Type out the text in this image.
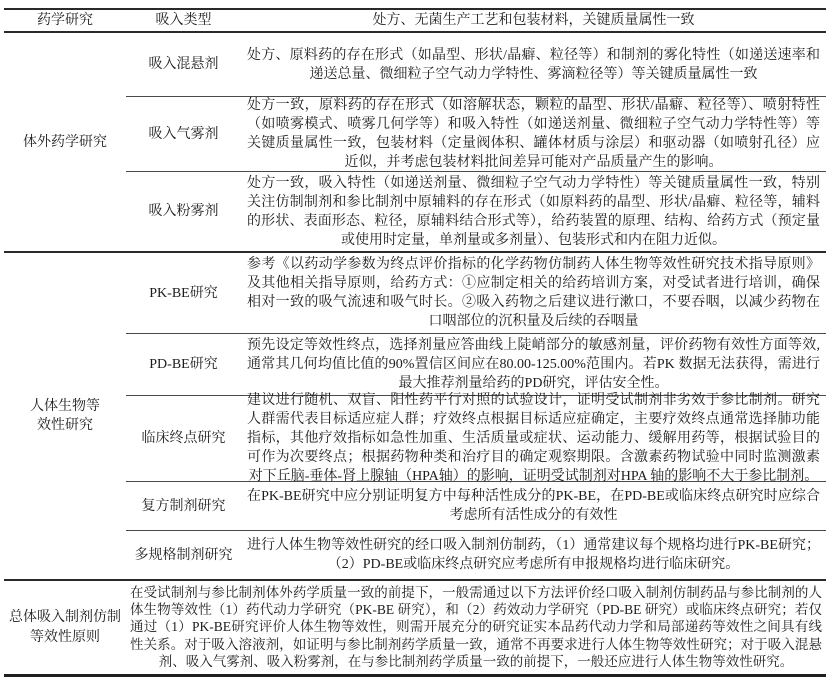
药学研究	吸入类型	处方、无菌生产工艺和包装材料，关键质量属性一致
体外药学研究
吸入混悬剂
处方、原料药的存在形式（如晶型、形状/晶癖、粒径等）和制剂的雾化特性（如递送速率和递送总量、微细粒子空气动力学特性、雾滴粒径等）等关键质量属性一致
吸入气雾剂
处方一致，原料药的存在形式（如溶解状态，颗粒的晶型、形状/晶癖、粒径等）、喷射特性（如喷雾模式、喷雾几何学等）和吸入特性（如递送剂量、微细粒子空气动力学特性等）等关键质量属性一致，包装材料（定量阀体积、罐体材质与涂层）和驱动器（如喷射孔径）应近似，并考虑包装材料批间差异可能对产品质量产生的影响。
吸入粉雾剂
处方一致，吸入特性（如递送剂量、微细粒子空气动力学特性）等关键质量属性一致，特别关注仿制制剂和参比制剂中原辅料的存在形式（如原料药的晶型、形状/晶癖、粒径等，辅料的形状、表面形态、粒径，原辅料结合形式等），给药装置的原理、结构、给药方式（预定量或使用时定量，单剂量或多剂量）、包装形式和内在阻力近似。
人体生物等
效性研究
PK-BE研究
参考《以药动学参数为终点评价指标的化学药物仿制药人体生物等效性研究技术指导原则》及其他相关指导原则，给药方式：①应制定相关的给药培训方案，对受试者进行培训，确保相对一致的吸气流速和吸气时长。②吸入药物之后建议进行漱口，不要吞咽，以减少药物在口咽部位的沉积量及后续的吞咽量
PD-BE研究
预先设定等效性终点，选择剂量应答曲线上陡峭部分的敏感剂量，评价药物有效性方面等效,通常其几何均值比值的90%置信区间应在80.00-125.00%范围内。若PK 数据无法获得，需进行最大推荐剂量给药的PD研究，评估安全性。
临床终点研究
建议进行随机、双盲、阳性药平行对照的试验设计，证明受试制剂非劣效于参比制剂。研究人群需代表目标适应症人群；疗效终点根据目标适应症确定，主要疗效终点通常选择肺功能指标，其他疗效指标如急性加重、生活质量或症状、运动能力、缓解用药等，根据试验目的可作为次要终点；根据药物种类和治疗目的确定观察期限。含激素药物试验中同时监测激素对下丘脑-垂体-肾上腺轴（HPA轴）的影响，证明受试制剂对HPA 轴的影响不大于参比制剂。
复方制剂研究
在PK-BE研究中应分别证明复方中每种活性成分的PK-BE，在PD-BE或临床终点研究时应综合考虑所有活性成分的有效性
多规格制剂研究
进行人体生物等效性研究的经口吸入制剂仿制药，（1）通常建议每个规格均进行PK-BE研究；（2）PD-BE或临床终点研究应考虑所有申报规格均进行临床研究。
总体吸入制剂仿制
等效性原则
在受试制剂与参比制剂体外药学质量一致的前提下，一般需通过以下方法评价经口吸入制剂仿制药品与参比制剂的人体生物等效性（1）药代动力学研究（PK-BE 研究），和（2）药效动力学研究（PD-BE 研究）或临床终点研究；若仅通过（1）PK-BE研究评价人体生物等效性，则需开展充分的研究证实本品药代动力学和局部递药等效性之间具有线性关系。对于吸入溶液剂，如证明与参比制剂药学质量一致，通常不再要求进行人体生物等效性研究；对于吸入混悬剂、吸入气雾剂、吸入粉雾剂，在与参比制剂药学质量一致的前提下，一般还应进行人体生物等效性研究。
